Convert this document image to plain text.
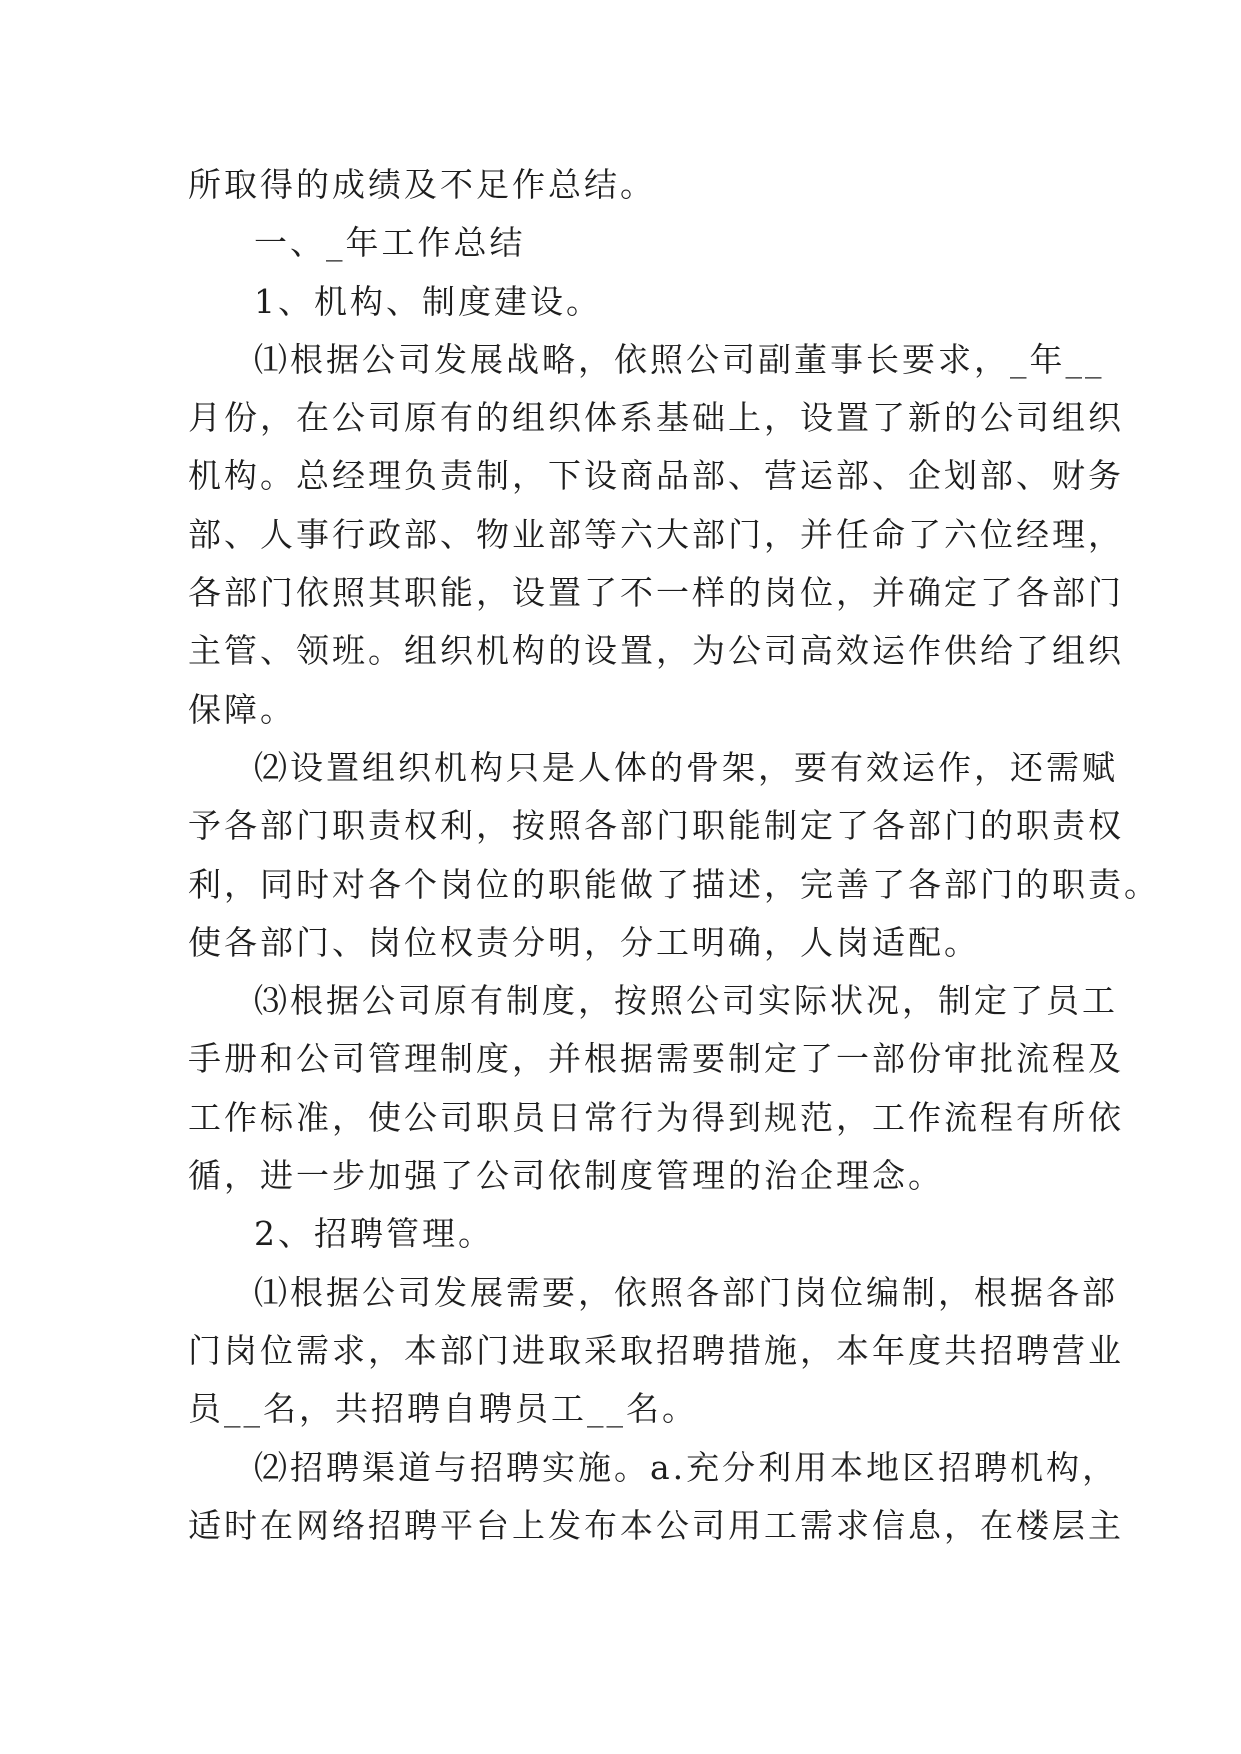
所取得的成绩及不足作总结。
一、_年工作总结
1、机构、制度建设。
⑴根据公司发展战略，依照公司副董事长要求，_年__
月份，在公司原有的组织体系基础上，设置了新的公司组织
机构。总经理负责制，下设商品部、营运部、企划部、财务
部、人事行政部、物业部等六大部门，并任命了六位经理，
各部门依照其职能，设置了不一样的岗位，并确定了各部门
主管、领班。组织机构的设置，为公司高效运作供给了组织
保障。
⑵设置组织机构只是人体的骨架，要有效运作，还需赋
予各部门职责权利，按照各部门职能制定了各部门的职责权
利，同时对各个岗位的职能做了描述，完善了各部门的职责。
使各部门、岗位权责分明，分工明确，人岗适配。
⑶根据公司原有制度，按照公司实际状况，制定了员工
手册和公司管理制度，并根据需要制定了一部份审批流程及
工作标准，使公司职员日常行为得到规范，工作流程有所依
循，进一步加强了公司依制度管理的治企理念。
2、招聘管理。
⑴根据公司发展需要，依照各部门岗位编制，根据各部
门岗位需求，本部门进取采取招聘措施，本年度共招聘营业
员__名，共招聘自聘员工__名。
⑵招聘渠道与招聘实施。a.充分利用本地区招聘机构，
适时在网络招聘平台上发布本公司用工需求信息，在楼层主
